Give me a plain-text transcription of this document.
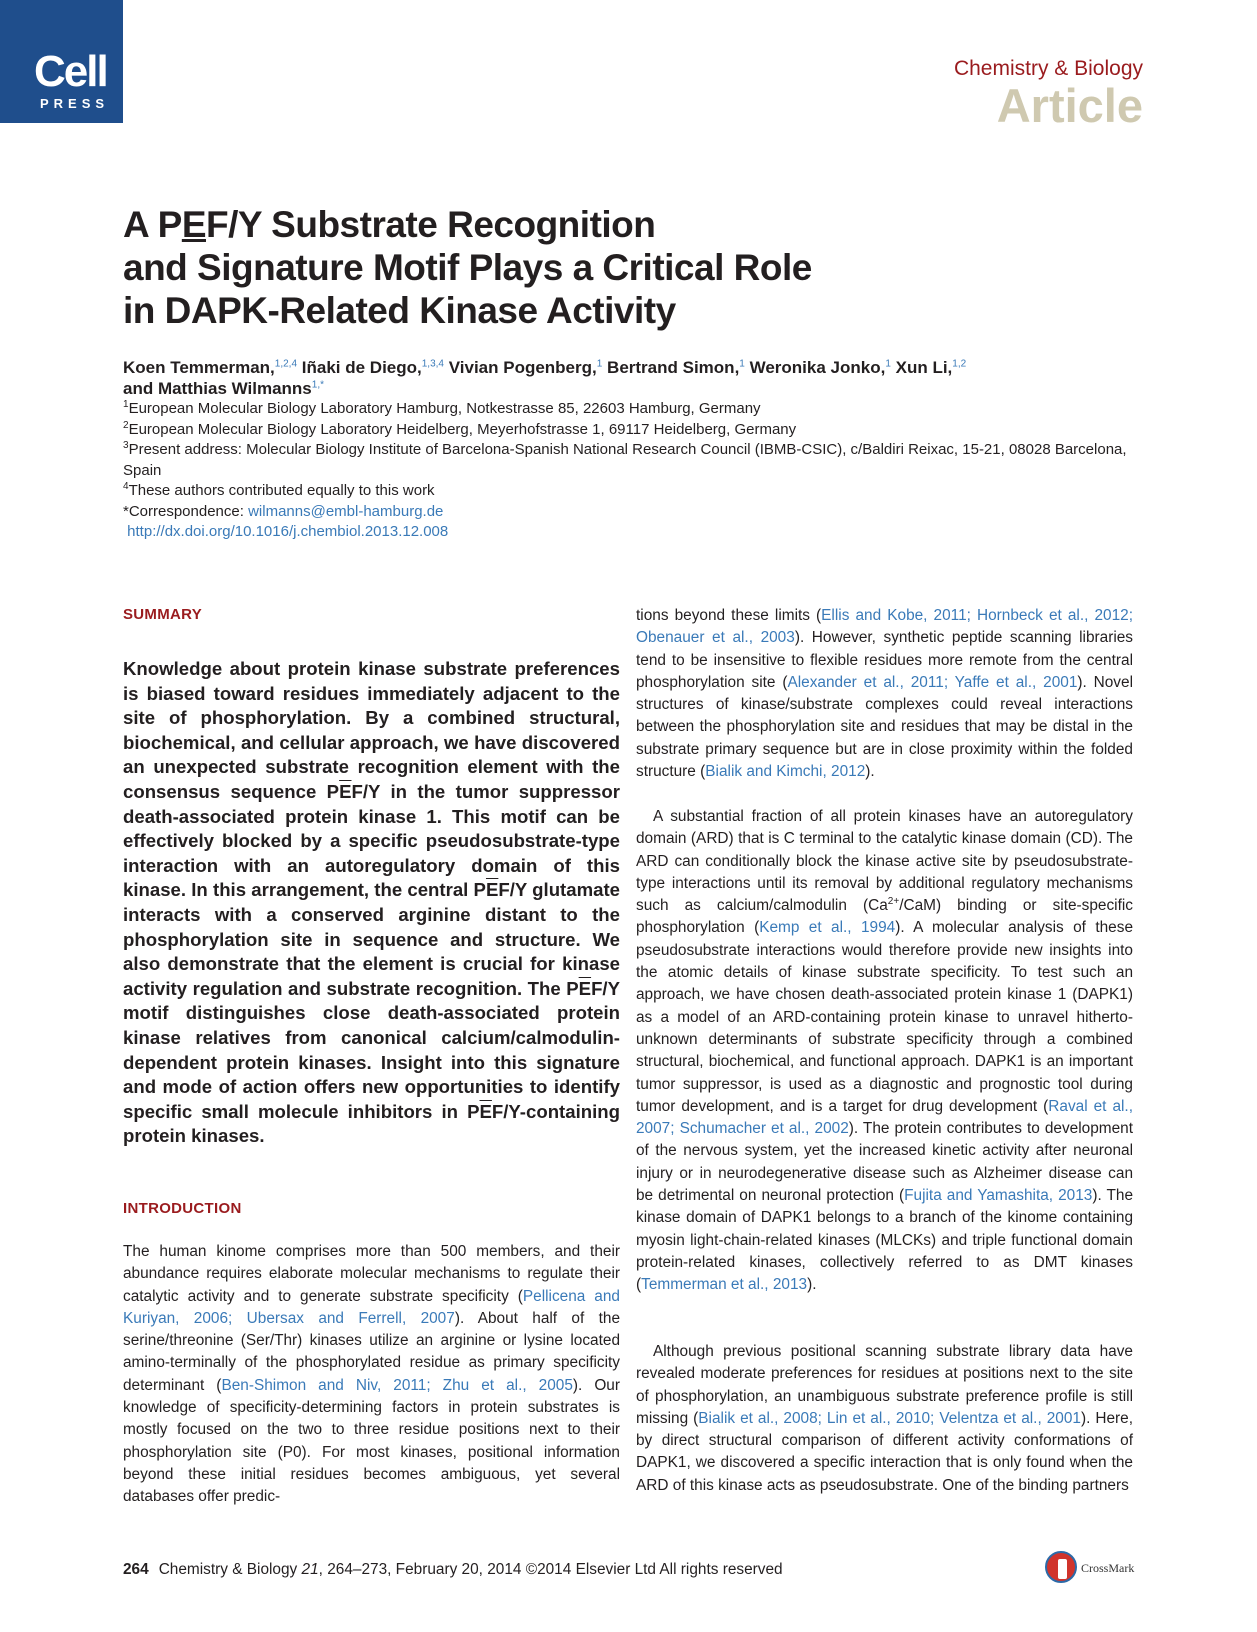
Cell
PRESS
Chemistry & Biology
Article
A PEF/Y Substrate Recognition
and Signature Motif Plays a Critical Role
in DAPK-Related Kinase Activity
Koen Temmerman,$^{1,2,4}$ Iñaki de Diego,$^{1,3,4}$ Vivian Pogenberg,$^1$ Bertrand Simon,$^1$ Weronika Jonko,$^1$ Xun Li,$^{1,2}$
and Matthias Wilmanns$^{1,*}$
$^1$European Molecular Biology Laboratory Hamburg, Notkestrasse 85, 22603 Hamburg, Germany
$^2$European Molecular Biology Laboratory Heidelberg, Meyerhofstrasse 1, 69117 Heidelberg, Germany
$^3$Present address: Molecular Biology Institute of Barcelona-Spanish National Research Council (IBMB-CSIC), c/Baldiri Reixac, 15-21, 08028 Barcelona, Spain
$^4$These authors contributed equally to this work
*Correspondence: wilmanns@embl-hamburg.de
http://dx.doi.org/10.1016/j.chembiol.2013.12.008
SUMMARY

Knowledge about protein kinase substrate preferences is biased toward residues immediately adjacent to the site of phosphorylation. By a combined structural, biochemical, and cellular approach, we have discovered an unexpected substrate recognition element with the consensus sequence $P\overline{E}F/Y$ in the tumor suppressor death-associated protein kinase 1. This motif can be effectively blocked by a specific pseudosubstrate-type interaction with an autoregulatory domain of this kinase. In this arrangement, the central $P\overline{E}F/Y$ glutamate interacts with a conserved arginine distant to the phosphorylation site in sequence and structure. We also demonstrate that the element is crucial for kinase activity regulation and substrate recognition. The $P\overline{E}F/Y$ motif distinguishes close death-associated protein kinase relatives from canonical calcium/calmodulin-dependent protein kinases. Insight into this signature and mode of action offers new opportunities to identify specific small molecule inhibitors in $P\overline{E}F/Y$-containing protein kinases.

INTRODUCTION

The human kinome comprises more than 500 members, and their abundance requires elaborate molecular mechanisms to regulate their catalytic activity and to generate substrate specificity (Pellicena and Kuriyan, 2006; Ubersax and Ferrell, 2007). About half of the serine/threonine (Ser/Thr) kinases utilize an arginine or lysine located amino-terminally of the phosphorylated residue as primary specificity determinant (Ben-Shimon and Niv, 2011; Zhu et al., 2005). Our knowledge of specificity-determining factors in protein substrates is mostly focused on the two to three residue positions next to their phosphorylation site (P0). For most kinases, positional information beyond these initial residues becomes ambiguous, yet several databases offer predic-

tions beyond these limits (Ellis and Kobe, 2011; Hornbeck et al., 2012; Obenauer et al., 2003). However, synthetic peptide scanning libraries tend to be insensitive to flexible residues more remote from the central phosphorylation site (Alexander et al., 2011; Yaffe et al., 2001). Novel structures of kinase/substrate complexes could reveal interactions between the phosphorylation site and residues that may be distal in the substrate primary sequence but are in close proximity within the folded structure (Bialik and Kimchi, 2012).

A substantial fraction of all protein kinases have an autoregulatory domain (ARD) that is C terminal to the catalytic kinase domain (CD). The ARD can conditionally block the kinase active site by pseudosubstrate-type interactions until its removal by additional regulatory mechanisms such as calcium/calmodulin $(Ca^{2+}/CaM)$ binding or site-specific phosphorylation (Kemp et al., 1994). A molecular analysis of these pseudosubstrate interactions would therefore provide new insights into the atomic details of kinase substrate specificity. To test such an approach, we have chosen death-associated protein kinase 1 (DAPK1) as a model of an ARD-containing protein kinase to unravel hitherto-unknown determinants of substrate specificity through a combined structural, biochemical, and functional approach. DAPK1 is an important tumor suppressor, is used as a diagnostic and prognostic tool during tumor development, and is a target for drug development (Raval et al., 2007; Schumacher et al., 2002). The protein contributes to development of the nervous system, yet the increased kinetic activity after neuronal injury or in neurodegenerative disease such as Alzheimer disease can be detrimental on neuronal protection (Fujita and Yamashita, 2013). The kinase domain of DAPK1 belongs to a branch of the kinome containing myosin light-chain-related kinases (MLCKs) and triple functional domain protein-related kinases, collectively referred to as DMT kinases (Temmerman et al., 2013).

Although previous positional scanning substrate library data have revealed moderate preferences for residues at positions next to the site of phosphorylation, an unambiguous substrate preference profile is still missing (Bialik et al., 2008; Lin et al., 2010; Velentza et al., 2001). Here, by direct structural comparison of different activity conformations of DAPK1, we discovered a specific interaction that is only found when the ARD of this kinase acts as pseudosubstrate. One of the binding partners

264 Chemistry & Biology 21, 264–273, February 20, 2014 ©2014 Elsevier Ltd All rights reserved	CrossMark
